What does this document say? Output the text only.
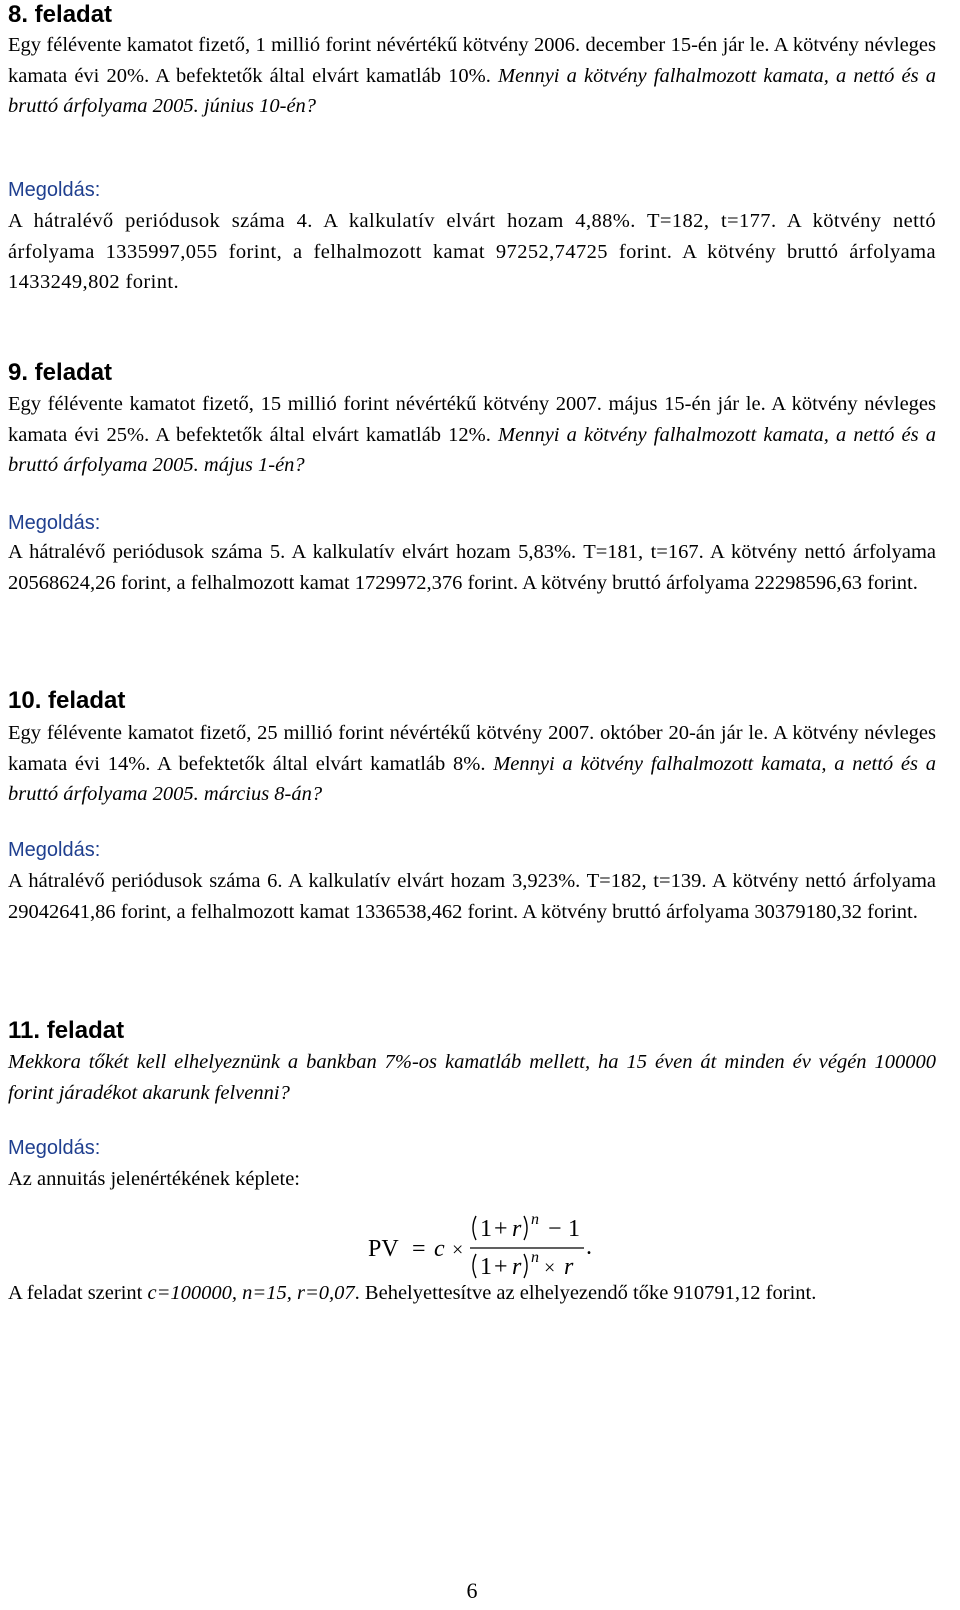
8. feladat
Egy félévente kamatot fizető, 1 millió forint névértékű kötvény 2006. december 15-én jár le. A kötvény névleges kamata évi 20%. A befektetők által elvárt kamatláb 10%. Mennyi a kötvény falhalmozott kamata, a nettó és a bruttó árfolyama 2005. június 10-én?
Megoldás:
A hátralévő periódusok száma 4. A kalkulatív elvárt hozam 4,88%. T=182, t=177. A kötvény nettó árfolyama 1335997,055 forint, a felhalmozott kamat 97252,74725 forint. A kötvény bruttó árfolyama 1433249,802 forint.
9. feladat
Egy félévente kamatot fizető, 15 millió forint névértékű kötvény 2007. május 15-én jár le. A kötvény névleges kamata évi 25%. A befektetők által elvárt kamatláb 12%. Mennyi a kötvény falhalmozott kamata, a nettó és a bruttó árfolyama 2005. május 1-én?
Megoldás:
A hátralévő periódusok száma 5. A kalkulatív elvárt hozam 5,83%. T=181, t=167. A kötvény nettó árfolyama 20568624,26 forint, a felhalmozott kamat 1729972,376 forint. A kötvény bruttó árfolyama 22298596,63 forint.
10. feladat
Egy félévente kamatot fizető, 25 millió forint névértékű kötvény 2007. október 20-án jár le. A kötvény névleges kamata évi 14%. A befektetők által elvárt kamatláb 8%. Mennyi a kötvény falhalmozott kamata, a nettó és a bruttó árfolyama 2005. március 8-án?
Megoldás:
A hátralévő periódusok száma 6. A kalkulatív elvárt hozam 3,923%. T=182, t=139. A kötvény nettó árfolyama 29042641,86 forint, a felhalmozott kamat 1336538,462 forint. A kötvény bruttó árfolyama 30379180,32 forint.
11. feladat
Mekkora tőkét kell elhelyeznünk a bankban 7%-os kamatláb mellett, ha 15 éven át minden év végén 100000 forint járadékot akarunk felvenni?
Megoldás:
Az annuitás jelenértékének képlete:
PV = c ×
1 + r n − 1
.
1 + r n × r
A feladat szerint c=100000, n=15, r=0,07. Behelyettesítve az elhelyezendő tőke 910791,12 forint.
6
